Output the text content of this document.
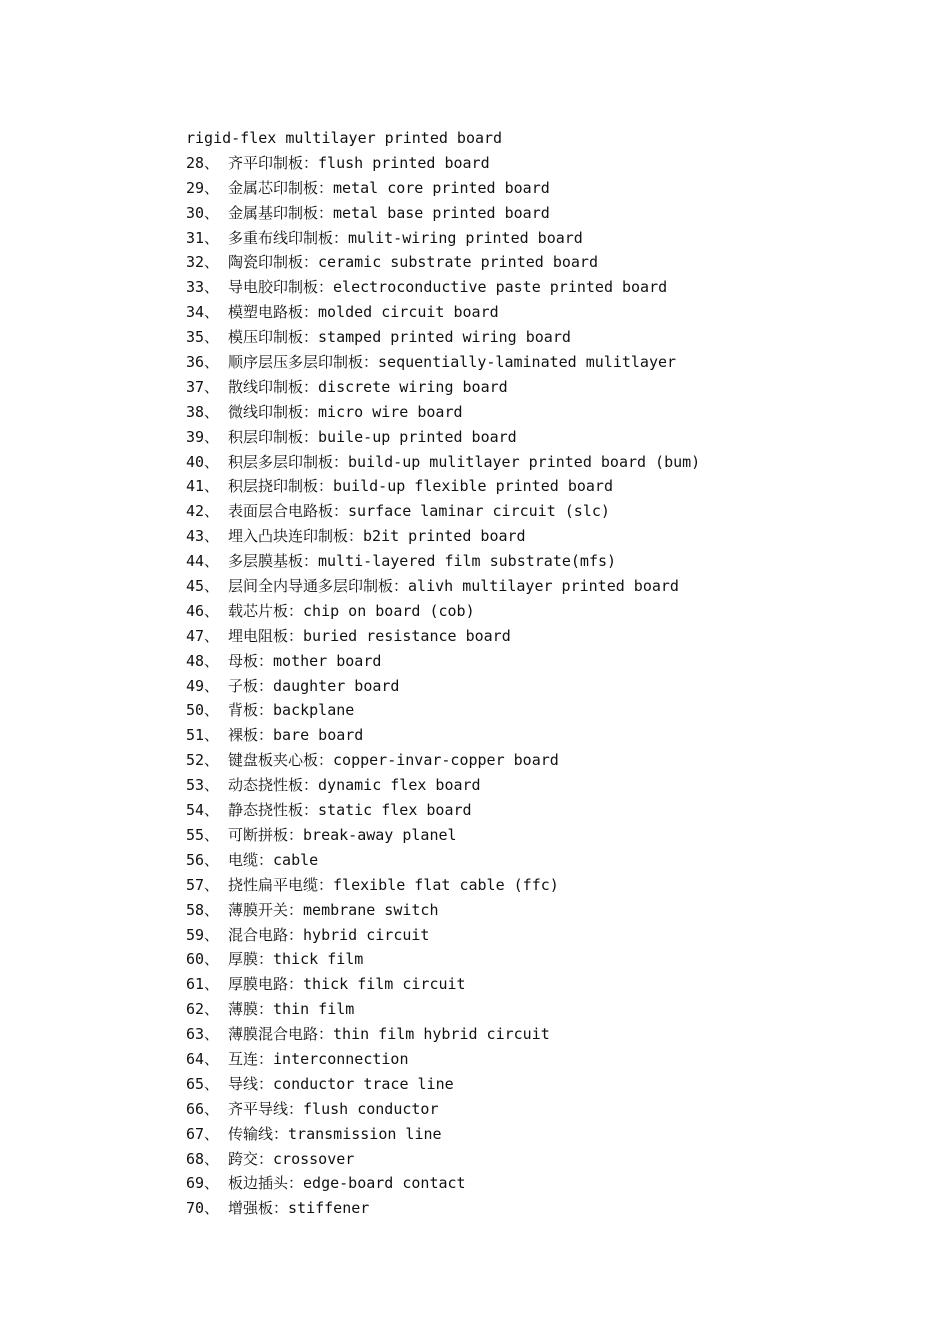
rigid-flex multilayer printed board
28、 齐平印制板：flush printed board
29、 金属芯印制板：metal core printed board
30、 金属基印制板：metal base printed board
31、 多重布线印制板：mulit-wiring printed board
32、 陶瓷印制板：ceramic substrate printed board
33、 导电胶印制板：electroconductive paste printed board
34、 模塑电路板：molded circuit board
35、 模压印制板：stamped printed wiring board
36、 顺序层压多层印制板：sequentially-laminated mulitlayer
37、 散线印制板：discrete wiring board
38、 微线印制板：micro wire board
39、 积层印制板：buile-up printed board
40、 积层多层印制板：build-up mulitlayer printed board (bum)
41、 积层挠印制板：build-up flexible printed board
42、 表面层合电路板：surface laminar circuit (slc)
43、 埋入凸块连印制板：b2it printed board
44、 多层膜基板：multi-layered film substrate(mfs)
45、 层间全内导通多层印制板：alivh multilayer printed board
46、 载芯片板：chip on board (cob)
47、 埋电阻板：buried resistance board
48、 母板：mother board
49、 子板：daughter board
50、 背板：backplane
51、 裸板：bare board
52、 键盘板夹心板：copper-invar-copper board
53、 动态挠性板：dynamic flex board
54、 静态挠性板：static flex board
55、 可断拼板：break-away planel
56、 电缆：cable
57、 挠性扁平电缆：flexible flat cable (ffc)
58、 薄膜开关：membrane switch
59、 混合电路：hybrid circuit
60、 厚膜：thick film
61、 厚膜电路：thick film circuit
62、 薄膜：thin film
63、 薄膜混合电路：thin film hybrid circuit
64、 互连：interconnection
65、 导线：conductor trace line
66、 齐平导线：flush conductor
67、 传输线：transmission line
68、 跨交：crossover
69、 板边插头：edge-board contact
70、 增强板：stiffener
